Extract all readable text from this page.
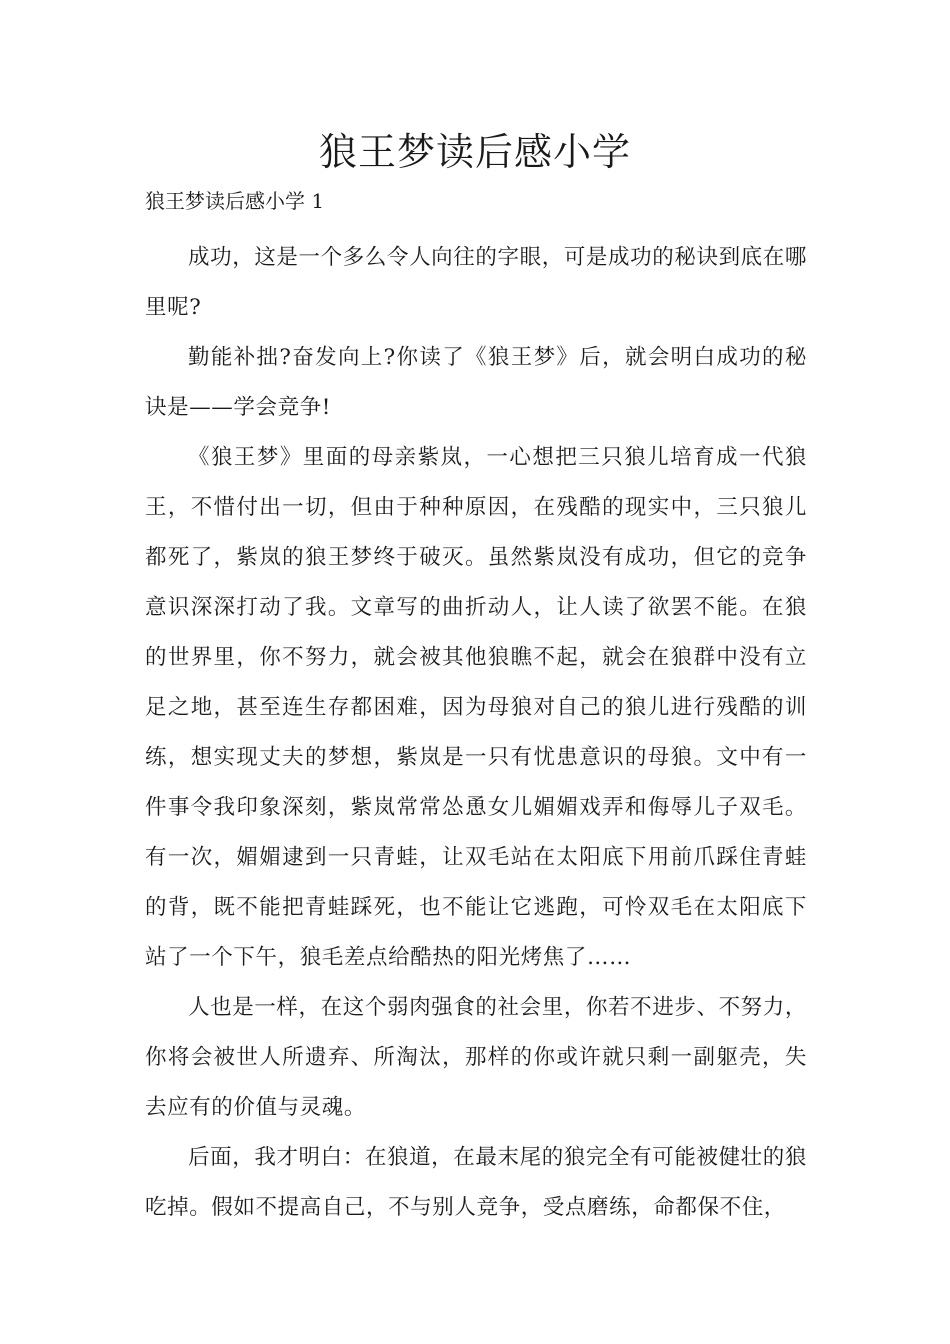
狼王梦读后感小学

狼王梦读后感小学 1

成功，这是一个多么令人向往的字眼，可是成功的秘诀到底在哪里呢?

勤能补拙?奋发向上?你读了《狼王梦》后，就会明白成功的秘诀是——学会竞争!

《狼王梦》里面的母亲紫岚，一心想把三只狼儿培育成一代狼王，不惜付出一切，但由于种种原因，在残酷的现实中，三只狼儿都死了，紫岚的狼王梦终于破灭。虽然紫岚没有成功，但它的竞争意识深深打动了我。文章写的曲折动人，让人读了欲罢不能。在狼的世界里，你不努力，就会被其他狼瞧不起，就会在狼群中没有立足之地，甚至连生存都困难，因为母狼对自己的狼儿进行残酷的训练，想实现丈夫的梦想，紫岚是一只有忧患意识的母狼。文中有一件事令我印象深刻，紫岚常常怂恿女儿媚媚戏弄和侮辱儿子双毛。有一次，媚媚逮到一只青蛙，让双毛站在太阳底下用前爪踩住青蛙的背，既不能把青蛙踩死，也不能让它逃跑，可怜双毛在太阳底下站了一个下午，狼毛差点给酷热的阳光烤焦了……

人也是一样，在这个弱肉强食的社会里，你若不进步、不努力，你将会被世人所遗弃、所淘汰，那样的你或许就只剩一副躯壳，失去应有的价值与灵魂。

后面，我才明白：在狼道，在最末尾的狼完全有可能被健壮的狼吃掉。假如不提高自己，不与别人竞争，受点磨练，命都保不住，
